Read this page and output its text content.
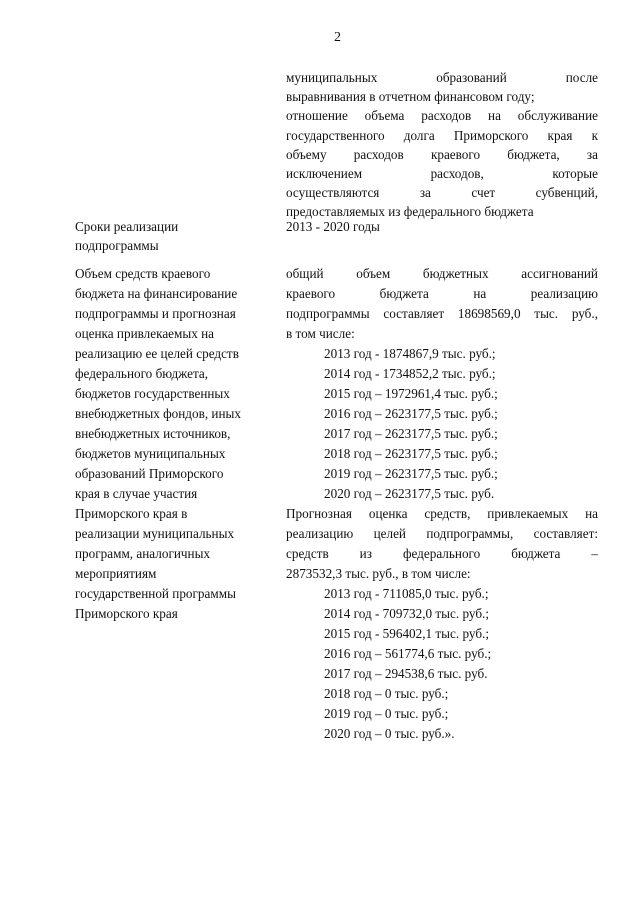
2
муниципальных образований после
выравнивания в отчетном финансовом году;
отношение объема расходов на обслуживание
государственного долга Приморского края к
объему расходов краевого бюджета, за
исключением расходов, которые
осуществляются за счет субвенций,
предоставляемых из федерального бюджета
Сроки реализации
подпрограммы
2013 - 2020 годы
Объем средств краевого
бюджета на финансирование
подпрограммы и прогнозная
оценка привлекаемых на
реализацию ее целей средств
федерального бюджета,
бюджетов государственных
внебюджетных фондов, иных
внебюджетных источников,
бюджетов муниципальных
образований Приморского
края в случае участия
Приморского края в
реализации муниципальных
программ, аналогичных
мероприятиям
государственной программы
Приморского края
общий объем бюджетных ассигнований
краевого бюджета на реализацию
подпрограммы составляет 18698569,0 тыс. руб.,
в том числе:
2013 год - 1874867,9 тыс. руб.;
2014 год - 1734852,2 тыс. руб.;
2015 год – 1972961,4 тыс. руб.;
2016 год – 2623177,5 тыс. руб.;
2017 год – 2623177,5 тыс. руб.;
2018 год – 2623177,5 тыс. руб.;
2019 год – 2623177,5 тыс. руб.;
2020 год – 2623177,5 тыс. руб.
Прогнозная оценка средств, привлекаемых на
реализацию целей подпрограммы, составляет:
средств из федерального бюджета –
2873532,3 тыс. руб., в том числе:
2013 год - 711085,0 тыс. руб.;
2014 год - 709732,0 тыс. руб.;
2015 год - 596402,1 тыс. руб.;
2016 год – 561774,6 тыс. руб.;
2017 год – 294538,6 тыс. руб.
2018 год – 0 тыс. руб.;
2019 год – 0 тыс. руб.;
2020 год – 0 тыс. руб.».
